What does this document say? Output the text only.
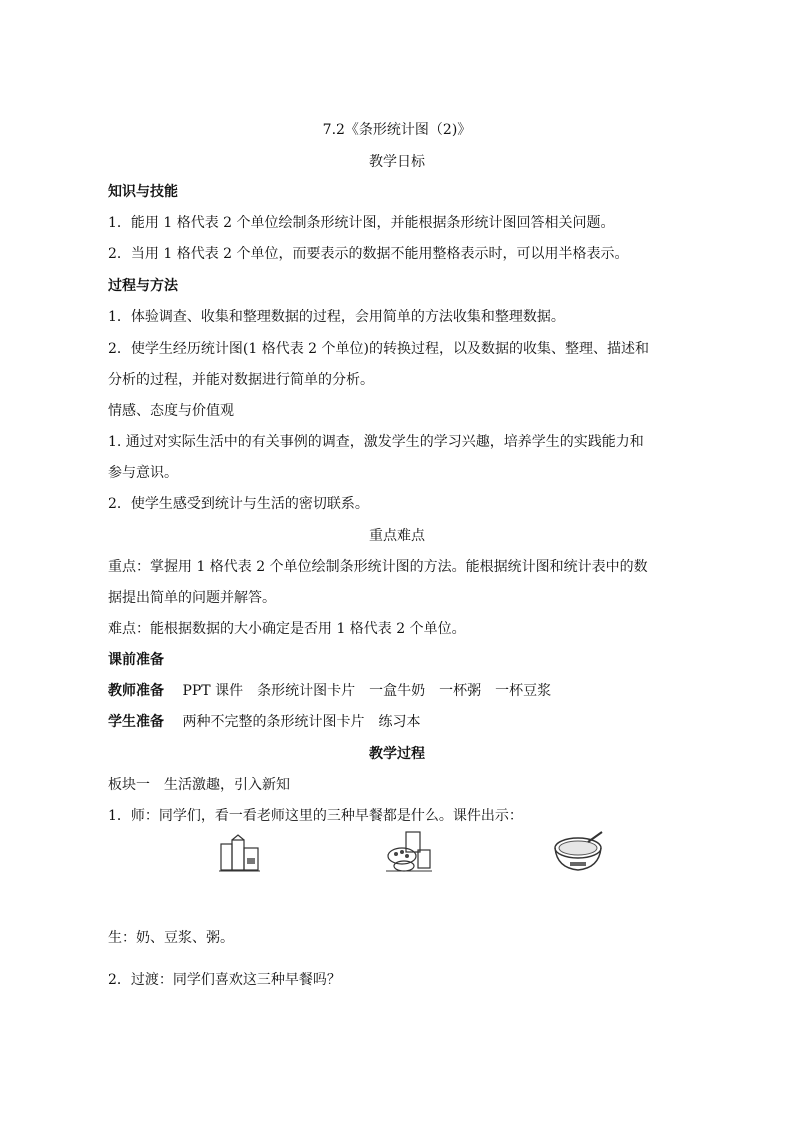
7.2《条形统计图（2)》
教学日标
知识与技能
1．能用 1 格代表 2 个单位绘制条形统计图，并能根据条形统计图回答相关问题。
2．当用 1 格代表 2 个单位，而要表示的数据不能用整格表示时，可以用半格表示。
过程与方法
1．体验调查、收集和整理数据的过程，会用简单的方法收集和整理数据。
2．使学生经历统计图(1 格代表 2 个单位)的转换过程，以及数据的收集、整理、描述和
分析的过程，并能对数据进行简单的分析。
情感、态度与价值观
1. 通过对实际生活中的有关事例的调查，激发学生的学习兴趣，培养学生的实践能力和
参与意识。
2．使学生感受到统计与生活的密切联系。
重点难点
重点：掌握用 1 格代表 2 个单位绘制条形统计图的方法。能根据统计图和统计表中的数
据提出简单的问题并解答。
难点：能根据数据的大小确定是否用 1 格代表 2 个单位。
课前准备
教师准备 PPT 课件　条形统计图卡片　一盒牛奶　一杯粥　一杯豆浆
学生准备 两种不完整的条形统计图卡片　练习本
教学过程
板块一　生活激趣，引入新知
1．师：同学们，看一看老师这里的三种早餐都是什么。课件出示：
生：奶、豆浆、粥。
2．过渡：同学们喜欢这三种早餐吗？
